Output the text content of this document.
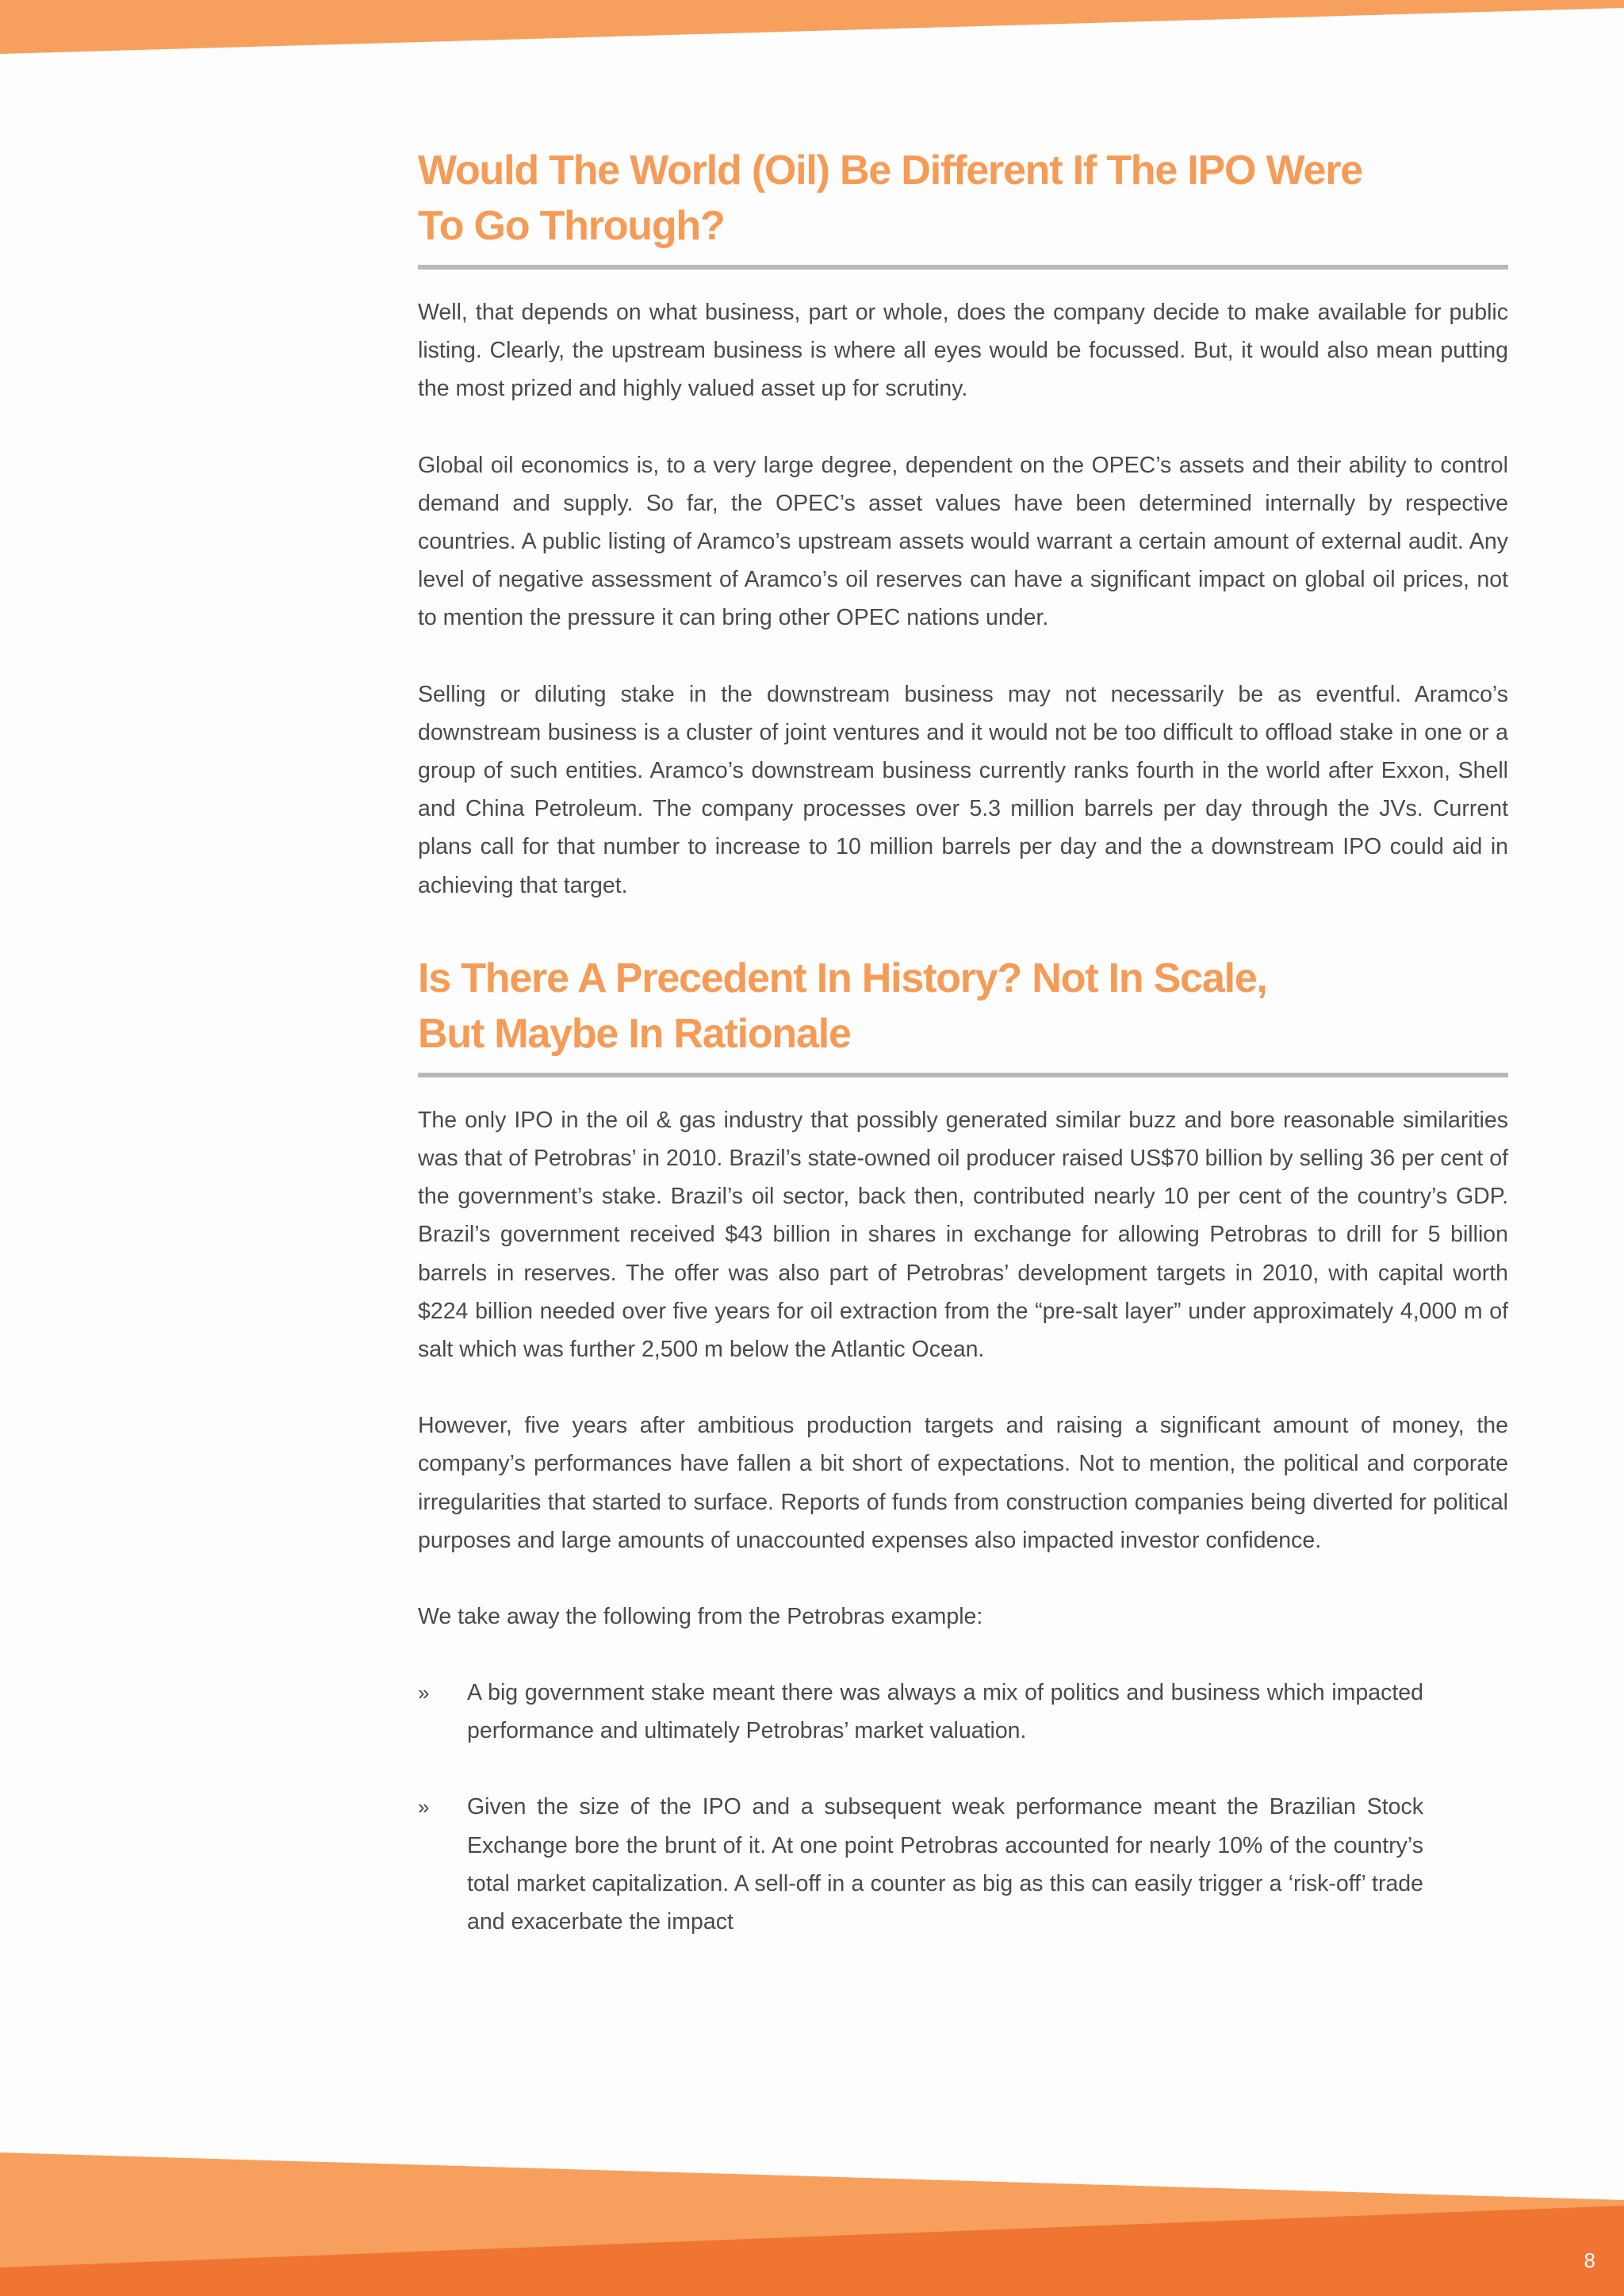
Would The World (Oil) Be Different If The IPO Were
To Go Through?

Well, that depends on what business, part or whole, does the company decide to make available for public listing. Clearly, the upstream business is where all eyes would be focussed. But, it would also mean putting the most prized and highly valued asset up for scrutiny.

Global oil economics is, to a very large degree, dependent on the OPEC’s assets and their ability to control demand and supply. So far, the OPEC’s asset values have been determined internally by respective countries. A public listing of Aramco’s upstream assets would warrant a certain amount of external audit. Any level of negative assessment of Aramco’s oil reserves can have a significant impact on global oil prices, not to mention the pressure it can bring other OPEC nations under.

Selling or diluting stake in the downstream business may not necessarily be as eventful. Aramco’s downstream business is a cluster of joint ventures and it would not be too difficult to offload stake in one or a group of such entities. Aramco’s downstream business currently ranks fourth in the world after Exxon, Shell and China Petroleum. The company processes over 5.3 million barrels per day through the JVs. Current plans call for that number to increase to 10 million barrels per day and the a downstream IPO could aid in achieving that target.

Is There A Precedent In History? Not In Scale,
But Maybe In Rationale

The only IPO in the oil & gas industry that possibly generated similar buzz and bore reasonable similarities was that of Petrobras’ in 2010. Brazil’s state-owned oil producer raised US$70 billion by selling 36 per cent of the government’s stake. Brazil’s oil sector, back then, contributed nearly 10 per cent of the country’s GDP. Brazil’s government received $43 billion in shares in exchange for allowing Petrobras to drill for 5 billion barrels in reserves. The offer was also part of Petrobras’ development targets in 2010, with capital worth $224 billion needed over five years for oil extraction from the “pre-salt layer” under approximately 4,000 m of salt which was further 2,500 m below the Atlantic Ocean.

However, five years after ambitious production targets and raising a significant amount of money, the company’s performances have fallen a bit short of expectations. Not to mention, the political and corporate irregularities that started to surface. Reports of funds from construction companies being diverted for political purposes and large amounts of unaccounted expenses also impacted investor confidence.

We take away the following from the Petrobras example:

»	A big government stake meant there was always a mix of politics and business which impacted performance and ultimately Petrobras’ market valuation.
»	Given the size of the IPO and a subsequent weak performance meant the Brazilian Stock Exchange bore the brunt of it. At one point Petrobras accounted for nearly 10% of the country’s total market capitalization. A sell-off in a counter as big as this can easily trigger a ‘risk-off’ trade and exacerbate the impact
8
